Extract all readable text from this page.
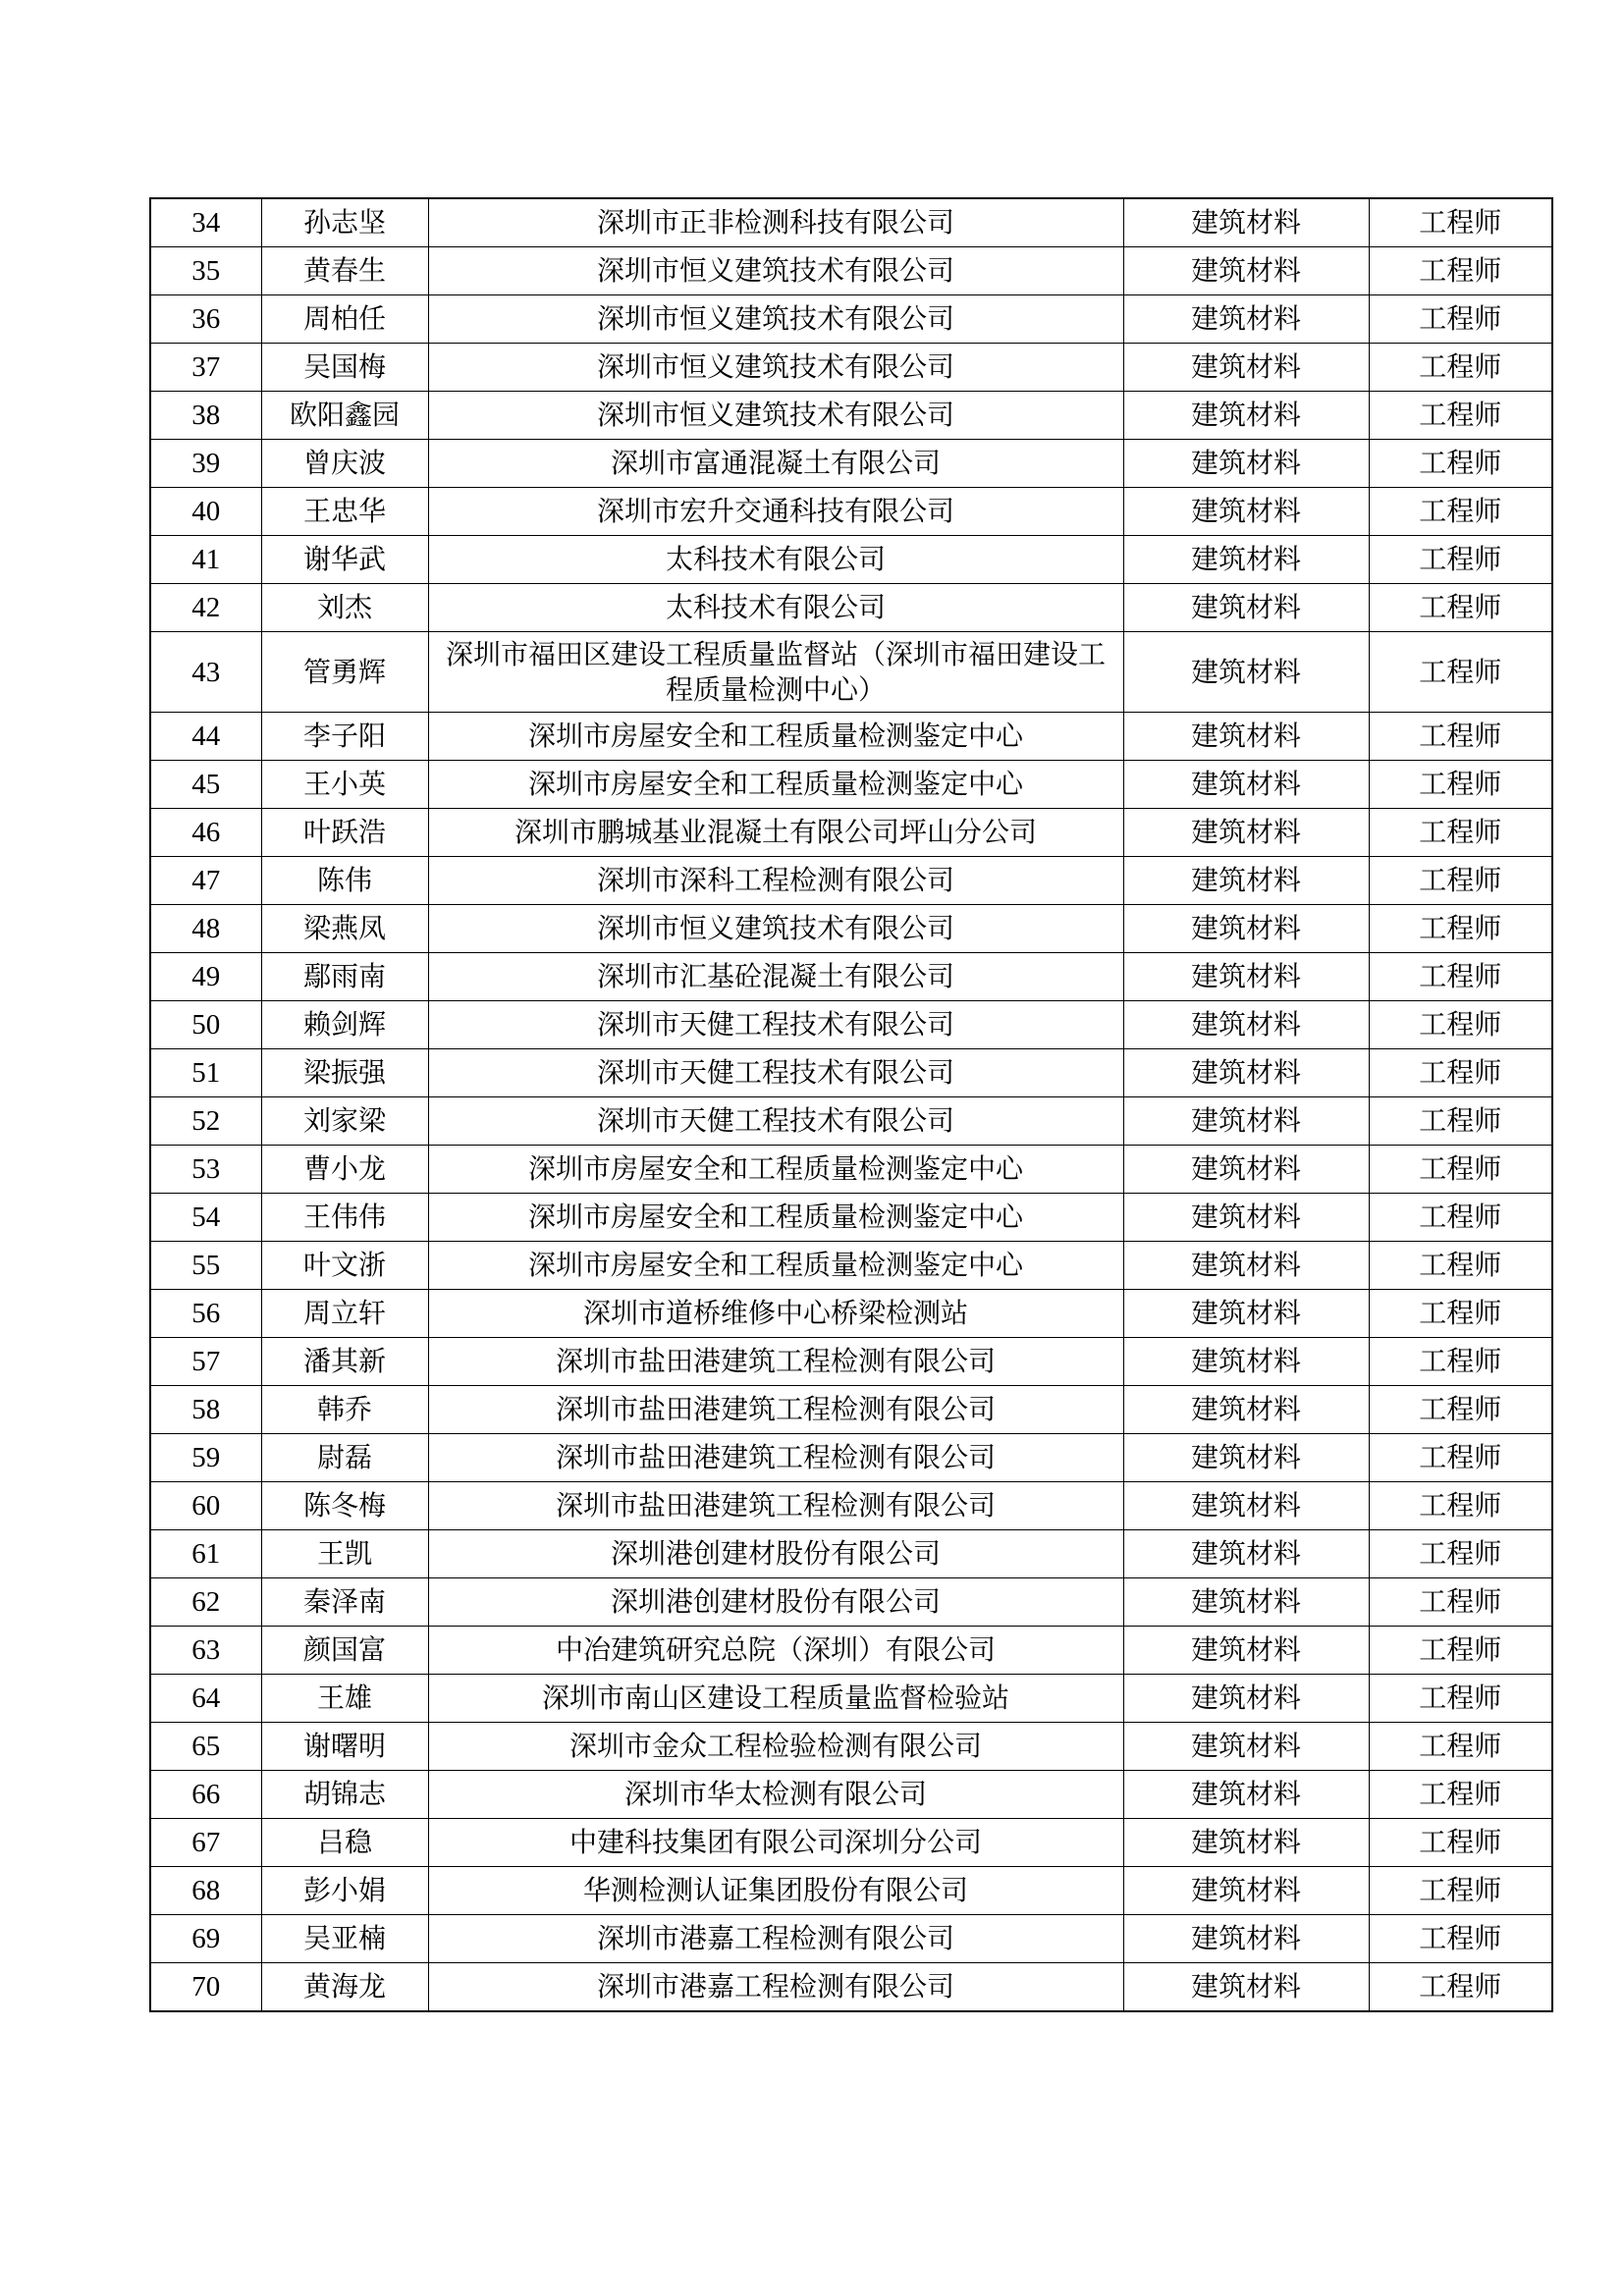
34	孙志坚	深圳市正非检测科技有限公司	建筑材料	工程师
35	黄春生	深圳市恒义建筑技术有限公司	建筑材料	工程师
36	周柏任	深圳市恒义建筑技术有限公司	建筑材料	工程师
37	吴国梅	深圳市恒义建筑技术有限公司	建筑材料	工程师
38	欧阳鑫园	深圳市恒义建筑技术有限公司	建筑材料	工程师
39	曾庆波	深圳市富通混凝土有限公司	建筑材料	工程师
40	王忠华	深圳市宏升交通科技有限公司	建筑材料	工程师
41	谢华武	太科技术有限公司	建筑材料	工程师
42	刘杰	太科技术有限公司	建筑材料	工程师
43	管勇辉	深圳市福田区建设工程质量监督站（深圳市福田建设工程质量检测中心）	建筑材料	工程师
44	李子阳	深圳市房屋安全和工程质量检测鉴定中心	建筑材料	工程师
45	王小英	深圳市房屋安全和工程质量检测鉴定中心	建筑材料	工程师
46	叶跃浩	深圳市鹏城基业混凝土有限公司坪山分公司	建筑材料	工程师
47	陈伟	深圳市深科工程检测有限公司	建筑材料	工程师
48	梁燕凤	深圳市恒义建筑技术有限公司	建筑材料	工程师
49	鄢雨南	深圳市汇基砼混凝土有限公司	建筑材料	工程师
50	赖剑辉	深圳市天健工程技术有限公司	建筑材料	工程师
51	梁振强	深圳市天健工程技术有限公司	建筑材料	工程师
52	刘家梁	深圳市天健工程技术有限公司	建筑材料	工程师
53	曹小龙	深圳市房屋安全和工程质量检测鉴定中心	建筑材料	工程师
54	王伟伟	深圳市房屋安全和工程质量检测鉴定中心	建筑材料	工程师
55	叶文浙	深圳市房屋安全和工程质量检测鉴定中心	建筑材料	工程师
56	周立轩	深圳市道桥维修中心桥梁检测站	建筑材料	工程师
57	潘其新	深圳市盐田港建筑工程检测有限公司	建筑材料	工程师
58	韩乔	深圳市盐田港建筑工程检测有限公司	建筑材料	工程师
59	尉磊	深圳市盐田港建筑工程检测有限公司	建筑材料	工程师
60	陈冬梅	深圳市盐田港建筑工程检测有限公司	建筑材料	工程师
61	王凯	深圳港创建材股份有限公司	建筑材料	工程师
62	秦泽南	深圳港创建材股份有限公司	建筑材料	工程师
63	颜国富	中冶建筑研究总院（深圳）有限公司	建筑材料	工程师
64	王雄	深圳市南山区建设工程质量监督检验站	建筑材料	工程师
65	谢曙明	深圳市金众工程检验检测有限公司	建筑材料	工程师
66	胡锦志	深圳市华太检测有限公司	建筑材料	工程师
67	吕稳	中建科技集团有限公司深圳分公司	建筑材料	工程师
68	彭小娟	华测检测认证集团股份有限公司	建筑材料	工程师
69	吴亚楠	深圳市港嘉工程检测有限公司	建筑材料	工程师
70	黄海龙	深圳市港嘉工程检测有限公司	建筑材料	工程师
